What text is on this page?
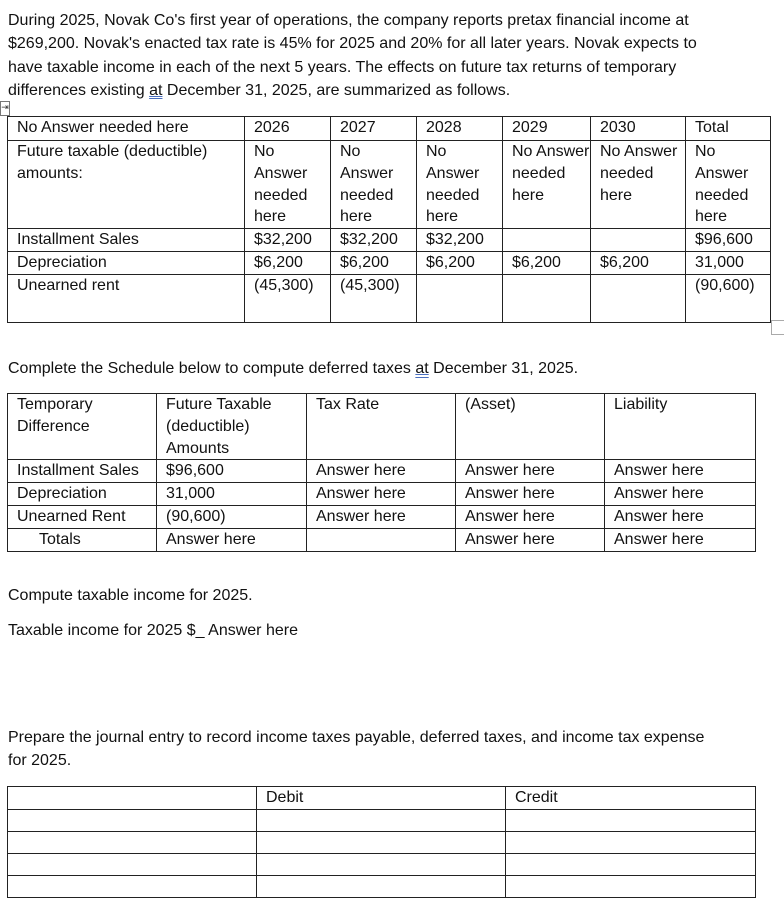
During 2025, Novak Co's first year of operations, the company reports pretax financial income at

$269,200. Novak's enacted tax rate is 45% for 2025 and 20% for all later years. Novak expects to

have taxable income in each of the next 5 years. The effects on future tax returns of temporary

differences existing at December 31, 2025, are summarized as follows.

⇥
No Answer needed here	2026	2027	2028	2029	2030	Total
Future taxable (deductible) amounts:	No Answer needed here	No Answer needed here	No Answer needed here	No Answer needed here	No Answer needed here	No Answer needed here
Installment Sales	$32,200	$32,200	$32,200			$96,600
Depreciation	$6,200	$6,200	$6,200	$6,200	$6,200	31,000
Unearned rent	(45,300)	(45,300)				(90,600)

Complete the Schedule below to compute deferred taxes at December 31, 2025.

Temporary Difference	Future Taxable (deductible) Amounts	Tax Rate	(Asset)	Liability
Installment Sales	$96,600	Answer here	Answer here	Answer here
Depreciation	31,000	Answer here	Answer here	Answer here
Unearned Rent	(90,600)	Answer here	Answer here	Answer here
Totals	Answer here		Answer here	Answer here

Compute taxable income for 2025.

Taxable income for 2025 $_ Answer here

Prepare the journal entry to record income taxes payable, deferred taxes, and income tax expense

for 2025.

	Debit	Credit
